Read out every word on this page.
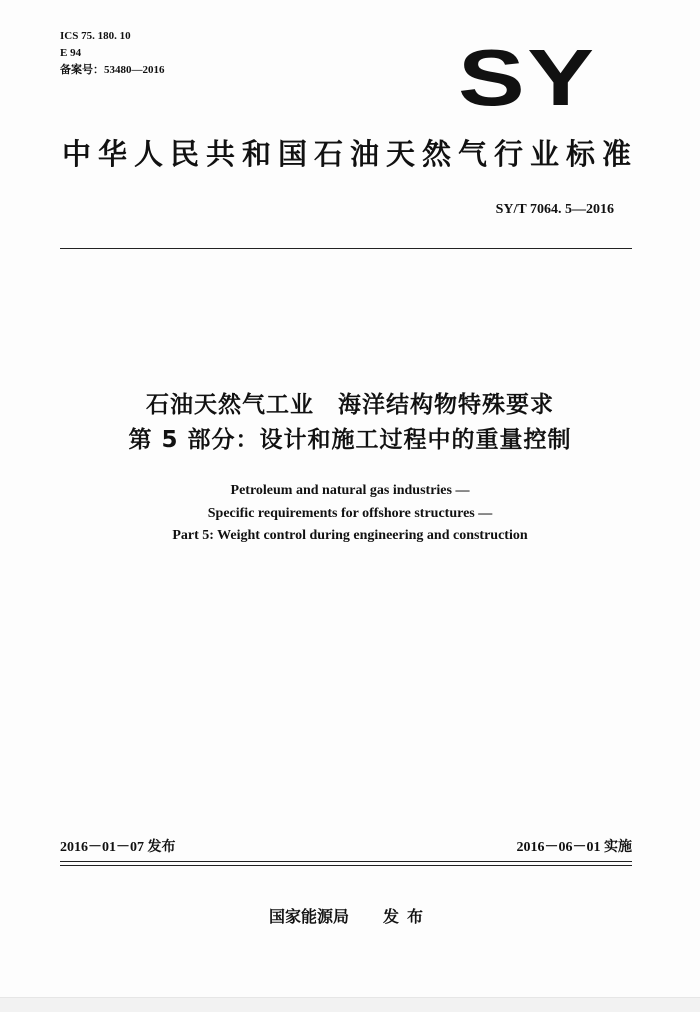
ICS 75. 180. 10
E 94
备案号：53480—2016	SY
中华人民共和国石油天然气行业标准
SY/T 7064. 5—2016
石油天然气工业　海洋结构物特殊要求
第 5 部分：设计和施工过程中的重量控制
Petroleum and natural gas industries —
Specific requirements for offshore structures —
Part 5: Weight control during engineering and construction
2016－01－07 发布	2016－06－01 实施
国家能源局 发布
